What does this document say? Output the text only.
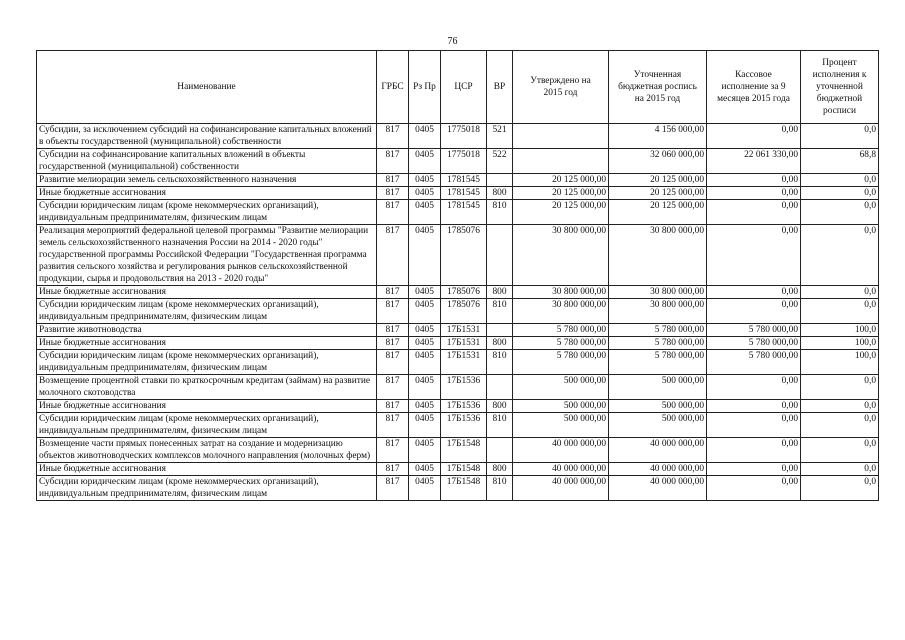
76
Наименование	ГРБС	Рз Пр	ЦСР	ВР	Утверждено на 2015 год	Уточненная бюджетная роспись на 2015 год	Кассовое исполнение за 9 месяцев 2015 года	Процент исполнения к уточненной бюджетной росписи
Субсидии, за исключением субсидий на софинансирование капитальных вложений в объекты государственной (муниципальной) собственности	817	0405	1775018	521		4 156 000,00	0,00	0,0
Субсидии на софинансирование капитальных вложений в объекты государственной (муниципальной) собственности	817	0405	1775018	522		32 060 000,00	22 061 330,00	68,8
Развитие мелиорации земель сельскохозяйственного назначения	817	0405	1781545		20 125 000,00	20 125 000,00	0,00	0,0
Иные бюджетные ассигнования	817	0405	1781545	800	20 125 000,00	20 125 000,00	0,00	0,0
Субсидии юридическим лицам (кроме некоммерческих организаций), индивидуальным предпринимателям, физическим лицам	817	0405	1781545	810	20 125 000,00	20 125 000,00	0,00	0,0
Реализация мероприятий федеральной целевой программы "Развитие мелиорации земель сельскохозяйственного назначения России на 2014 - 2020 годы" государственной программы Российской Федерации "Государственная программа развития сельского хозяйства и регулирования рынков сельскохозяйственной продукции, сырья и продовольствия на 2013 - 2020 годы"	817	0405	1785076		30 800 000,00	30 800 000,00	0,00	0,0
Иные бюджетные ассигнования	817	0405	1785076	800	30 800 000,00	30 800 000,00	0,00	0,0
Субсидии юридическим лицам (кроме некоммерческих организаций), индивидуальным предпринимателям, физическим лицам	817	0405	1785076	810	30 800 000,00	30 800 000,00	0,00	0,0
Развитие животноводства	817	0405	17Б1531		5 780 000,00	5 780 000,00	5 780 000,00	100,0
Иные бюджетные ассигнования	817	0405	17Б1531	800	5 780 000,00	5 780 000,00	5 780 000,00	100,0
Субсидии юридическим лицам (кроме некоммерческих организаций), индивидуальным предпринимателям, физическим лицам	817	0405	17Б1531	810	5 780 000,00	5 780 000,00	5 780 000,00	100,0
Возмещение процентной ставки по краткосрочным кредитам (займам) на развитие молочного скотоводства	817	0405	17Б1536		500 000,00	500 000,00	0,00	0,0
Иные бюджетные ассигнования	817	0405	17Б1536	800	500 000,00	500 000,00	0,00	0,0
Субсидии юридическим лицам (кроме некоммерческих организаций), индивидуальным предпринимателям, физическим лицам	817	0405	17Б1536	810	500 000,00	500 000,00	0,00	0,0
Возмещение части прямых понесенных затрат на создание и модернизацию объектов животноводческих комплексов молочного направления (молочных ферм)	817	0405	17Б1548		40 000 000,00	40 000 000,00	0,00	0,0
Иные бюджетные ассигнования	817	0405	17Б1548	800	40 000 000,00	40 000 000,00	0,00	0,0
Субсидии юридическим лицам (кроме некоммерческих организаций), индивидуальным предпринимателям, физическим лицам	817	0405	17Б1548	810	40 000 000,00	40 000 000,00	0,00	0,0
